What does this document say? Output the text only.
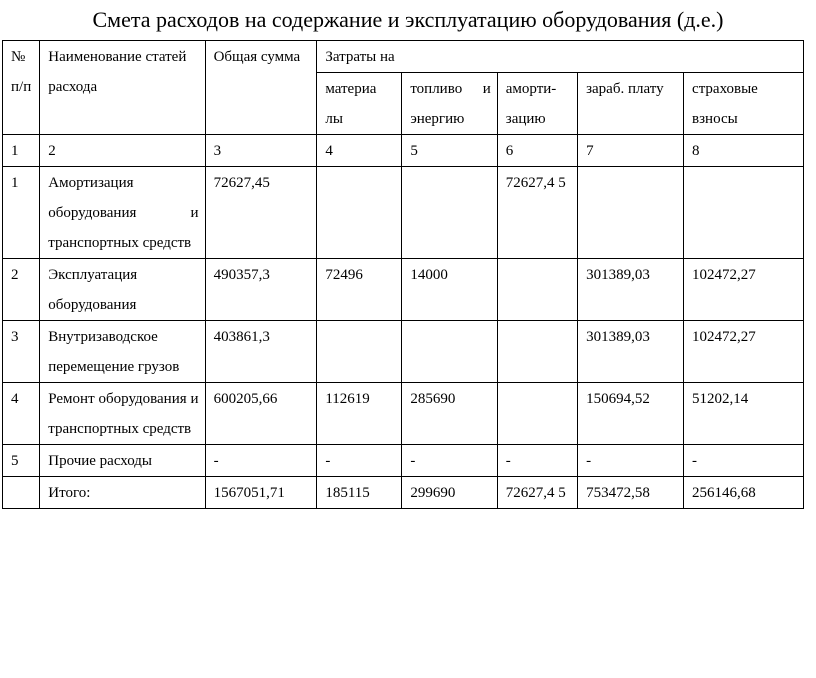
Смета расходов на содержание и эксплуатацию оборудования (д.е.)
№ п/п	Наименование статей расхода	Общая сумма	Затраты на				
			материа лы	топливо и энергию	аморти- зацию	зараб. плату	страховые взносы
1	2	3	4	5	6	7	8
1	Амортизация оборудования и транспортных средств	72627,45			72627,4 5		
2	Эксплуатация оборудования	490357,3	72496	14000		301389,03	102472,27
3	Внутризаводское перемещение грузов	403861,3				301389,03	102472,27
4	Ремонт оборудования и транспортных средств	600205,66	112619	285690		150694,52	51202,14
5	Прочие расходы	-	-	-	-	-	-
	Итого:	1567051,71	185115	299690	72627,4 5	753472,58	256146,68
